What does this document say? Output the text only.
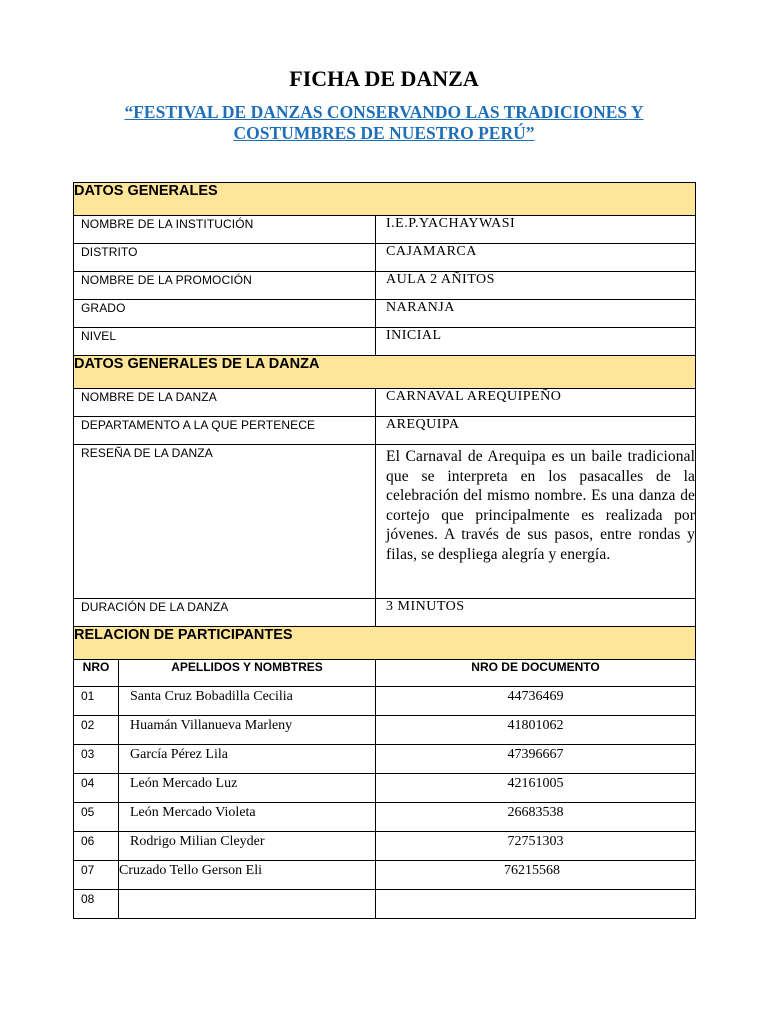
FICHA DE DANZA
“FESTIVAL DE DANZAS CONSERVANDO LAS TRADICIONES Y
COSTUMBRES DE NUESTRO PERÚ”
DATOS GENERALES		
NOMBRE DE LA INSTITUCIÓN		I.E.P.YACHAYWASI
DISTRITO		CAJAMARCA
NOMBRE DE LA PROMOCIÓN		AULA 2 AÑITOS
GRADO		NARANJA
NIVEL		INICIAL
DATOS GENERALES DE LA DANZA		
NOMBRE DE LA DANZA		CARNAVAL AREQUIPEÑO
DEPARTAMENTO A LA QUE PERTENECE		AREQUIPA
RESEÑA DE LA DANZA		El Carnaval de Arequipa es un baile tradicional que se interpreta en los pasacalles de la celebración del mismo nombre. Es una danza de cortejo que principalmente es realizada por jóvenes. A través de sus pasos, entre rondas y filas, se despliega alegría y energía.
DURACIÓN DE LA DANZA		3 MINUTOS
RELACION DE PARTICIPANTES		
NRO	APELLIDOS Y NOMBTRES	NRO DE DOCUMENTO
01	Santa Cruz Bobadilla Cecilia	44736469
02	Huamán Villanueva Marleny	41801062
03	García Pérez Lila	47396667
04	León Mercado Luz	42161005
05	León Mercado Violeta	26683538
06	Rodrigo Milian Cleyder	72751303
07	Cruzado Tello Gerson Eli	76215568
08		
